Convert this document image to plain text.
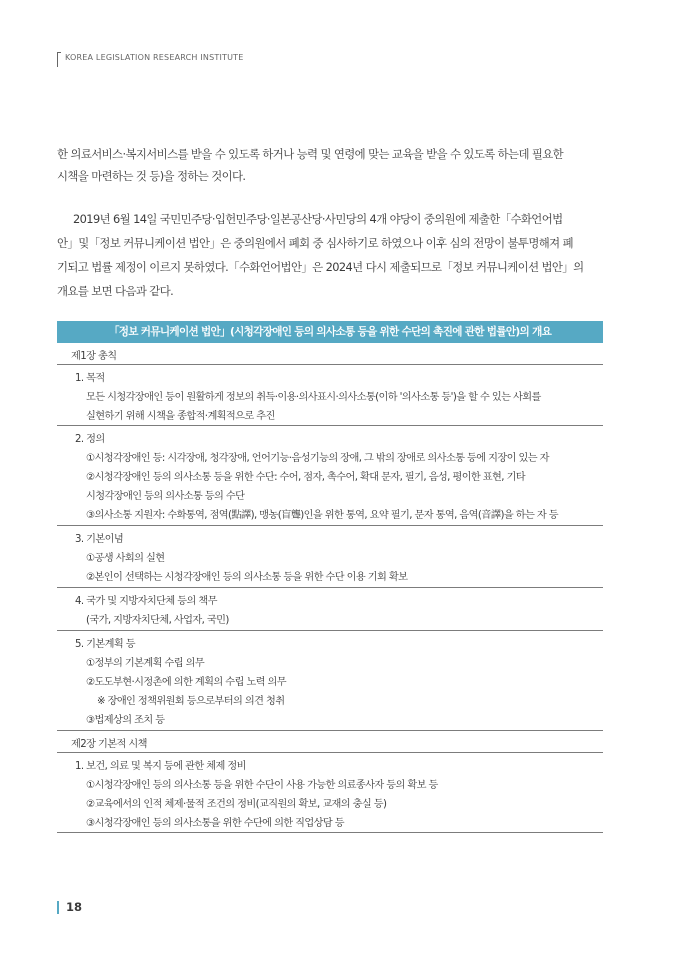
KOREA LEGISLATION RESEARCH INSTITUTE
한 의료서비스·복지서비스를 받을 수 있도록 하거나 능력 및 연령에 맞는 교육을 받을 수 있도록 하는데 필요한
시책을 마련하는 것 등)을 정하는 것이다.
2019년 6월 14일 국민민주당·입헌민주당·일본공산당·사민당의 4개 야당이 중의원에 제출한「수화언어법
안」및「정보 커뮤니케이션 법안」은 중의원에서 폐회 중 심사하기로 하였으나 이후 심의 전망이 불투명해져 폐
기되고 법률 제정이 이르지 못하였다.「수화언어법안」은 2024년 다시 제출되므로「정보 커뮤니케이션 법안」의
개요를 보면 다음과 같다.
「정보 커뮤니케이션 법안」(시청각장애인 등의 의사소통 등을 위한 수단의 촉진에 관한 법률안)의 개요
제1장 총칙
1. 목적
모든 시청각장애인 등이 원활하게 정보의 취득·이용·의사표시·의사소통(이하 '의사소통 등')을 할 수 있는 사회를
실현하기 위해 시책을 종합적·계획적으로 추진
2. 정의
①시청각장애인 등: 시각장애, 청각장애, 언어기능·음성기능의 장애, 그 밖의 장애로 의사소통 등에 지장이 있는 자
②시청각장애인 등의 의사소통 등을 위한 수단: 수어, 점자, 촉수어, 확대 문자, 필기, 음성, 평이한 표현, 기타
시청각장애인 등의 의사소통 등의 수단
③의사소통 지원자: 수화통역, 점역(點譯), 맹농(盲聾)인을 위한 통역, 요약 필기, 문자 통역, 음역(音譯)을 하는 자 등
3. 기본이념
①공생 사회의 실현
②본인이 선택하는 시청각장애인 등의 의사소통 등을 위한 수단 이용 기회 확보
4. 국가 및 지방자치단체 등의 책무
(국가, 지방자치단체, 사업자, 국민)
5. 기본계획 등
①정부의 기본계획 수립 의무
②도도부현·시정촌에 의한 계획의 수립 노력 의무
※ 장애인 정책위원회 등으로부터의 의견 청취
③법제상의 조치 등
제2장 기본적 시책
1. 보건, 의료 및 복지 등에 관한 체제 정비
①시청각장애인 등의 의사소통 등을 위한 수단이 사용 가능한 의료종사자 등의 확보 등
②교육에서의 인적 체제·물적 조건의 정비(교직원의 확보, 교재의 충실 등)
③시청각장애인 등의 의사소통을 위한 수단에 의한 직업상담 등
18
